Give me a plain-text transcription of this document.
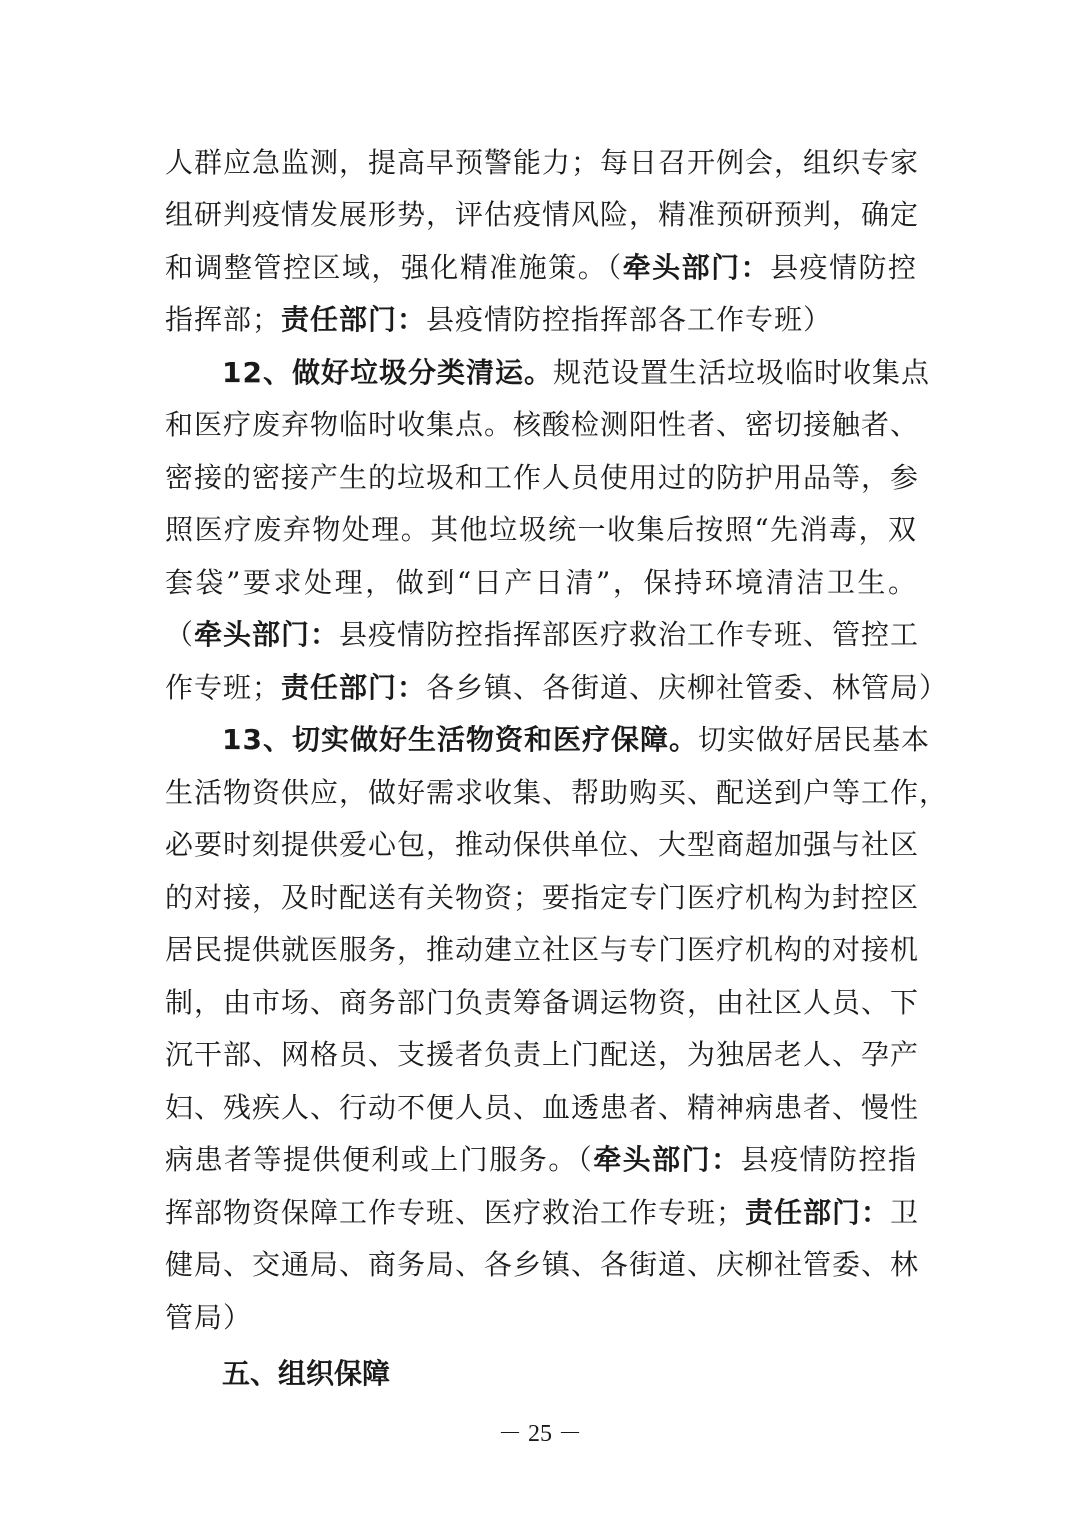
人群应急监测，提高早预警能力；每日召开例会，组织专家
组研判疫情发展形势，评估疫情风险，精准预研预判，确定
和调整管控区域，强化精准施策。（牵头部门：县疫情防控
指挥部；责任部门：县疫情防控指挥部各工作专班）
12、做好垃圾分类清运。规范设置生活垃圾临时收集点
和医疗废弃物临时收集点。核酸检测阳性者、密切接触者、
密接的密接产生的垃圾和工作人员使用过的防护用品等，参
照医疗废弃物处理。其他垃圾统一收集后按照“先消毒，双
套袋”要求处理，做到“日产日清”，保持环境清洁卫生。
（牵头部门：县疫情防控指挥部医疗救治工作专班、管控工
作专班；责任部门：各乡镇、各街道、庆柳社管委、林管局）
13、切实做好生活物资和医疗保障。切实做好居民基本
生活物资供应，做好需求收集、帮助购买、配送到户等工作，
必要时刻提供爱心包，推动保供单位、大型商超加强与社区
的对接，及时配送有关物资；要指定专门医疗机构为封控区
居民提供就医服务，推动建立社区与专门医疗机构的对接机
制，由市场、商务部门负责筹备调运物资，由社区人员、下
沉干部、网格员、支援者负责上门配送，为独居老人、孕产
妇、残疾人、行动不便人员、血透患者、精神病患者、慢性
病患者等提供便利或上门服务。（牵头部门：县疫情防控指
挥部物资保障工作专班、医疗救治工作专班；责任部门：卫
健局、交通局、商务局、各乡镇、各街道、庆柳社管委、林
管局）
五、组织保障
－ 25 －
